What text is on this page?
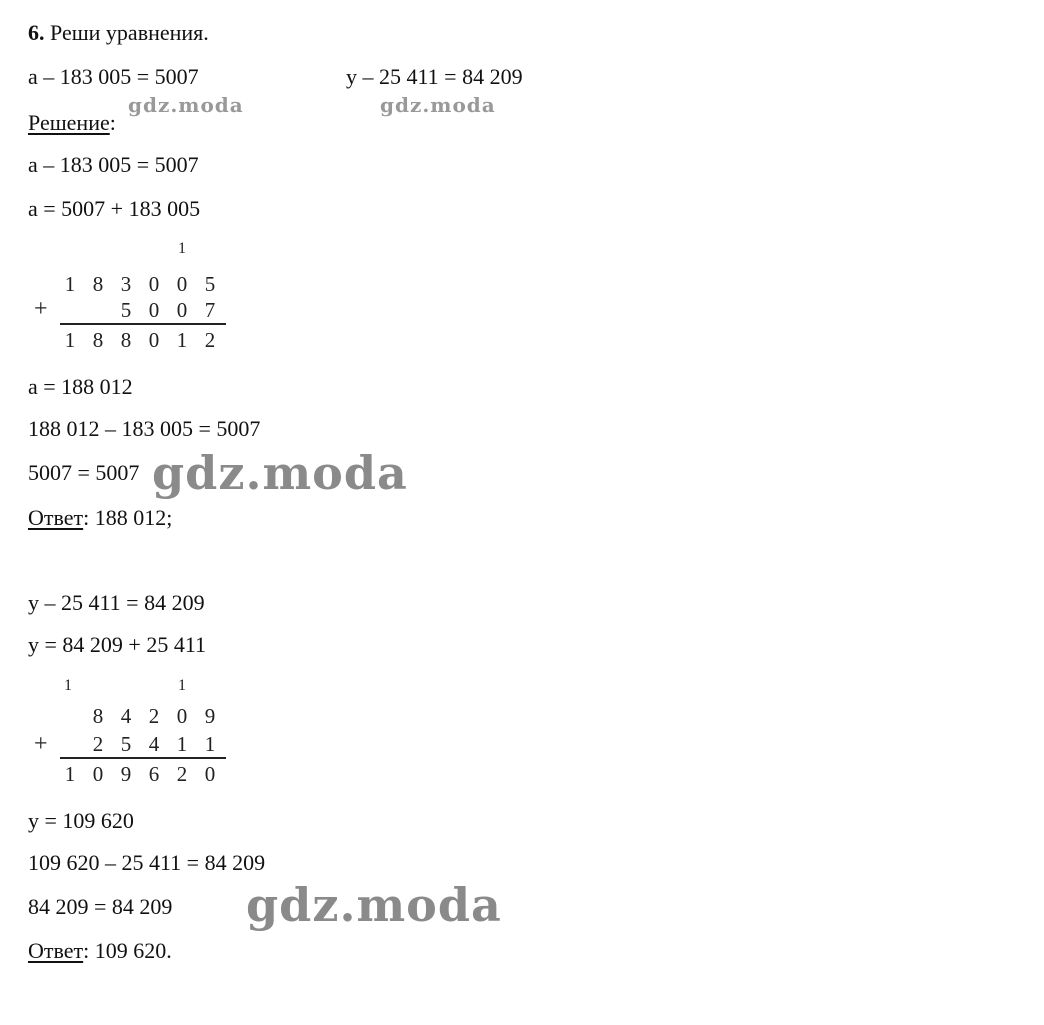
6. Реши уравнения.
a – 183 005 = 5007	y – 25 411 = 84 209
Решение:
a – 183 005 = 5007
a = 5007 + 183 005
1
1 8 3 0 0 5
+	5 0 0 7
1 8 8 0 1 2
a = 188 012
188 012 – 183 005 = 5007
5007 = 5007
Ответ: 188 012;
y – 25 411 = 84 209
y = 84 209 + 25 411
1	1
8 4 2 0 9
+ 2 5 4 1 1
1 0 9 6 2 0
y = 109 620
109 620 – 25 411 = 84 209
84 209 = 84 209
Ответ: 109 620.
gdz.moda	gdz.moda
gdz.moda
gdz.moda
